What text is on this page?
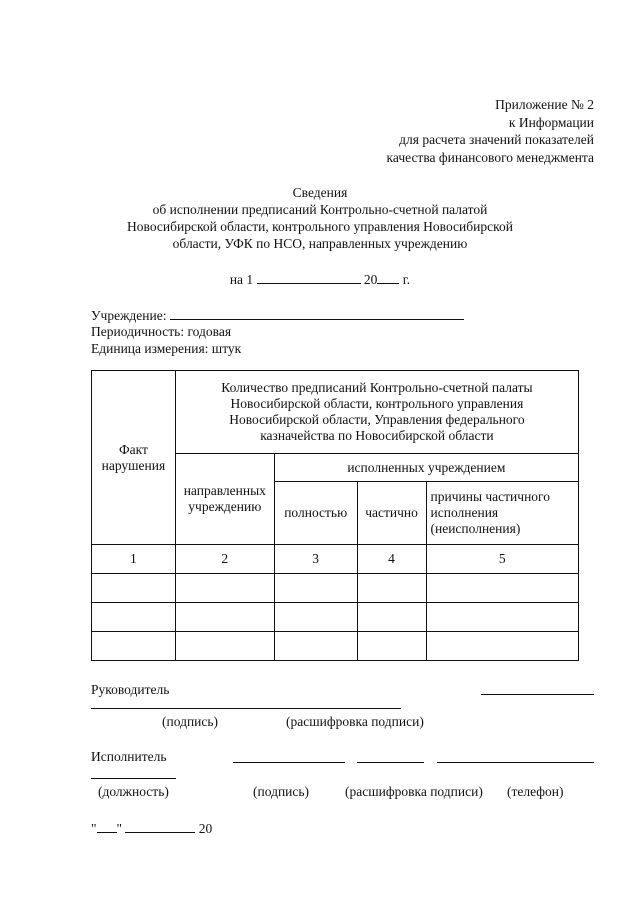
Приложение № 2
к Информации
для расчета значений показателей
качества финансового менеджмента
Сведения
об исполнении предписаний Контрольно-счетной палатой
Новосибирской области, контрольного управления Новосибирской
области, УФК по НСО, направленных учреждению
на 1	20 г.
Учреждение:
Периодичность: годовая
Единица измерения: штук
Факт нарушения	Количество предписаний Контрольно-счетной палаты Новосибирской области, контрольного управления Новосибирской области, Управления федерального казначейства по Новосибирской области			
	направленных учреждению	исполненных учреждением		
		полностью	частично	причины частичного исполнения (неисполнения)
1	2	3	4	5

Руководитель
(подпись)	(расшифровка подписи)
Исполнитель
(должность)	(подпись)	(расшифровка подписи) (телефон)
" "	20
